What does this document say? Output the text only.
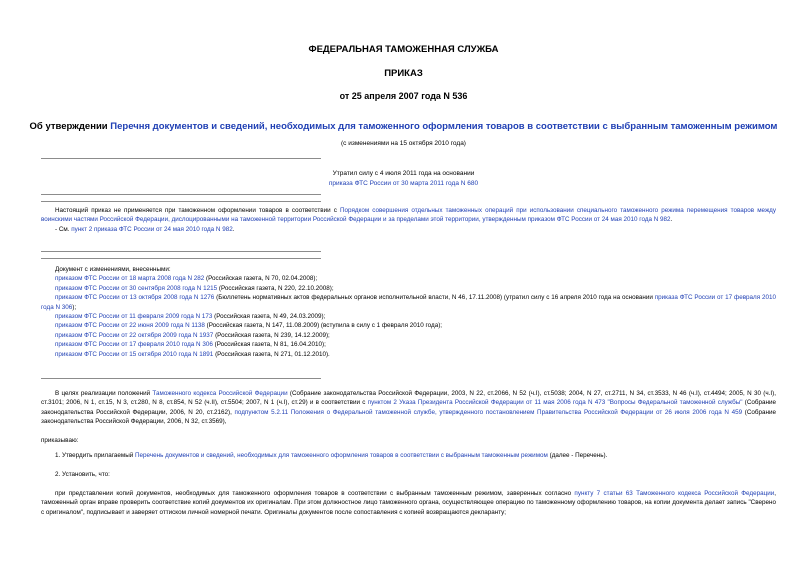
ФЕДЕРАЛЬНАЯ ТАМОЖЕННАЯ СЛУЖБА
ПРИКАЗ
от 25 апреля 2007 года N 536
Об утверждении Перечня документов и сведений, необходимых для таможенного оформления товаров в соответствии с выбранным таможенным режимом
(с изменениями на 15 октября 2010 года)
Утратил силу с 4 июля 2011 года на основании
приказа ФТС России от 30 марта 2011 года N 680

Настоящий приказ не применяется при таможенном оформлении товаров в соответствии с Порядком совершения отдельных таможенных операций при использовании специального таможенного режима перемещения товаров между воинскими частями Российской Федерации, дислоцированными на таможенной территории Российской Федерации и за пределами этой территории, утвержденным приказом ФТС России от 24 мая 2010 года N 982.

- См. пункт 2 приказа ФТС России от 24 мая 2010 года N 982.

Документ с изменениями, внесенными:

приказом ФТС России от 18 марта 2008 года N 282 (Российская газета, N 70, 02.04.2008);

приказом ФТС России от 30 сентября 2008 года N 1215 (Российская газета, N 220, 22.10.2008);

приказом ФТС России от 13 октября 2008 года N 1276 (Бюллетень нормативных актов федеральных органов исполнительной власти, N 46, 17.11.2008) (утратил силу с 16 апреля 2010 года на основании приказа ФТС России от 17 февраля 2010 года N 306);

приказом ФТС России от 11 февраля 2009 года N 173 (Российская газета, N 49, 24.03.2009);

приказом ФТС России от 22 июня 2009 года N 1138 (Российская газета, N 147, 11.08.2009) (вступила в силу с 1 февраля 2010 года);

приказом ФТС России от 22 октября 2009 года N 1937 (Российская газета, N 239, 14.12.2009);

приказом ФТС России от 17 февраля 2010 года N 306 (Российская газета, N 81, 16.04.2010);

приказом ФТС России от 15 октября 2010 года N 1891 (Российская газета, N 271, 01.12.2010).

В целях реализации положений Таможенного кодекса Российской Федерации (Собрание законодательства Российской Федерации, 2003, N 22, ст.2066, N 52 (ч.I), ст.5038; 2004, N 27, ст.2711, N 34, ст.3533, N 46 (ч.I), ст.4494; 2005, N 30 (ч.I), ст.3101; 2006, N 1, ст.15, N 3, ст.280, N 8, ст.854, N 52 (ч.II), ст.5504; 2007, N 1 (ч.I), ст.29) и в соответствии с пунктом 2 Указа Президента Российской Федерации от 11 мая 2006 года N 473 "Вопросы Федеральной таможенной службы" (Собрание законодательства Российской Федерации, 2006, N 20, ст.2162), подпунктом 5.2.11 Положения о Федеральной таможенной службе, утвержденного постановлением Правительства Российской Федерации от 26 июля 2006 года N 459 (Собрание законодательства Российской Федерации, 2006, N 32, ст.3569),

приказываю:
1. Утвердить прилагаемый Перечень документов и сведений, необходимых для таможенного оформления товаров в соответствии с выбранным таможенным режимом (далее - Перечень).
2. Установить, что:

при представлении копий документов, необходимых для таможенного оформления товаров в соответствии с выбранным таможенным режимом, заверенных согласно пункту 7 статьи 63 Таможенного кодекса Российской Федерации, таможенный орган вправе проверить соответствие копий документов их оригиналам. При этом должностное лицо таможенного органа, осуществляющее операцию по таможенному оформлению товаров, на копии документа делает запись "Сверено с оригиналом", подписывает и заверяет оттиском личной номерной печати. Оригиналы документов после сопоставления с копией возвращаются декларанту;
